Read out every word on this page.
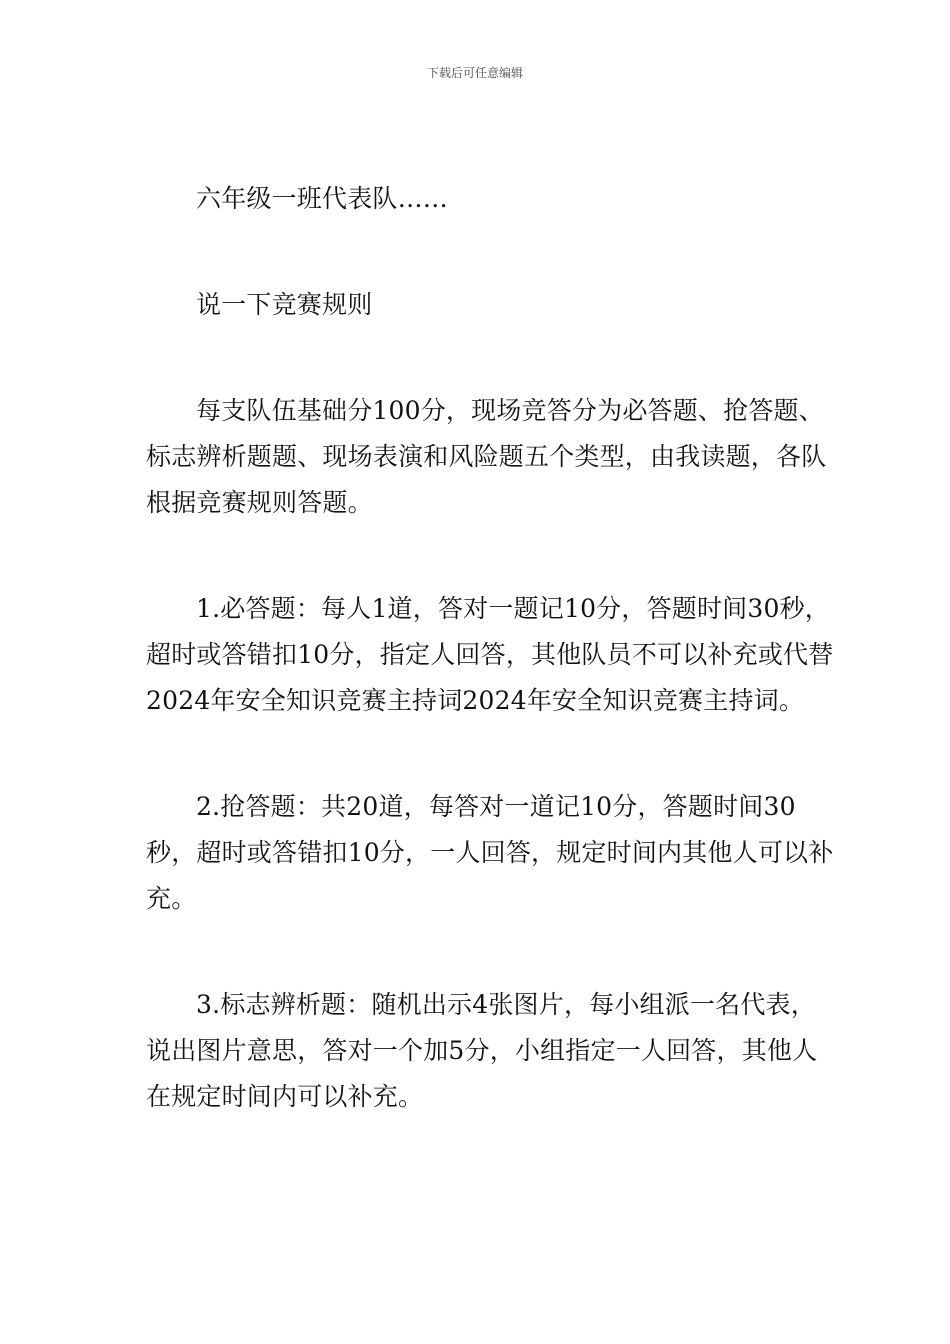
下载后可任意编辑

六年级一班代表队……

说一下竞赛规则

每支队伍基础分100分，现场竞答分为必答题、抢答题、标志辨析题题、现场表演和风险题五个类型，由我读题，各队根据竞赛规则答题。

1.必答题：每人1道，答对一题记10分，答题时间30秒，超时或答错扣10分，指定人回答，其他队员不可以补充或代替2024年安全知识竞赛主持词2024年安全知识竞赛主持词。

2.抢答题：共20道，每答对一道记10分，答题时间30秒，超时或答错扣10分，一人回答，规定时间内其他人可以补充。

3.标志辨析题：随机出示4张图片，每小组派一名代表，说出图片意思，答对一个加5分，小组指定一人回答，其他人在规定时间内可以补充。
